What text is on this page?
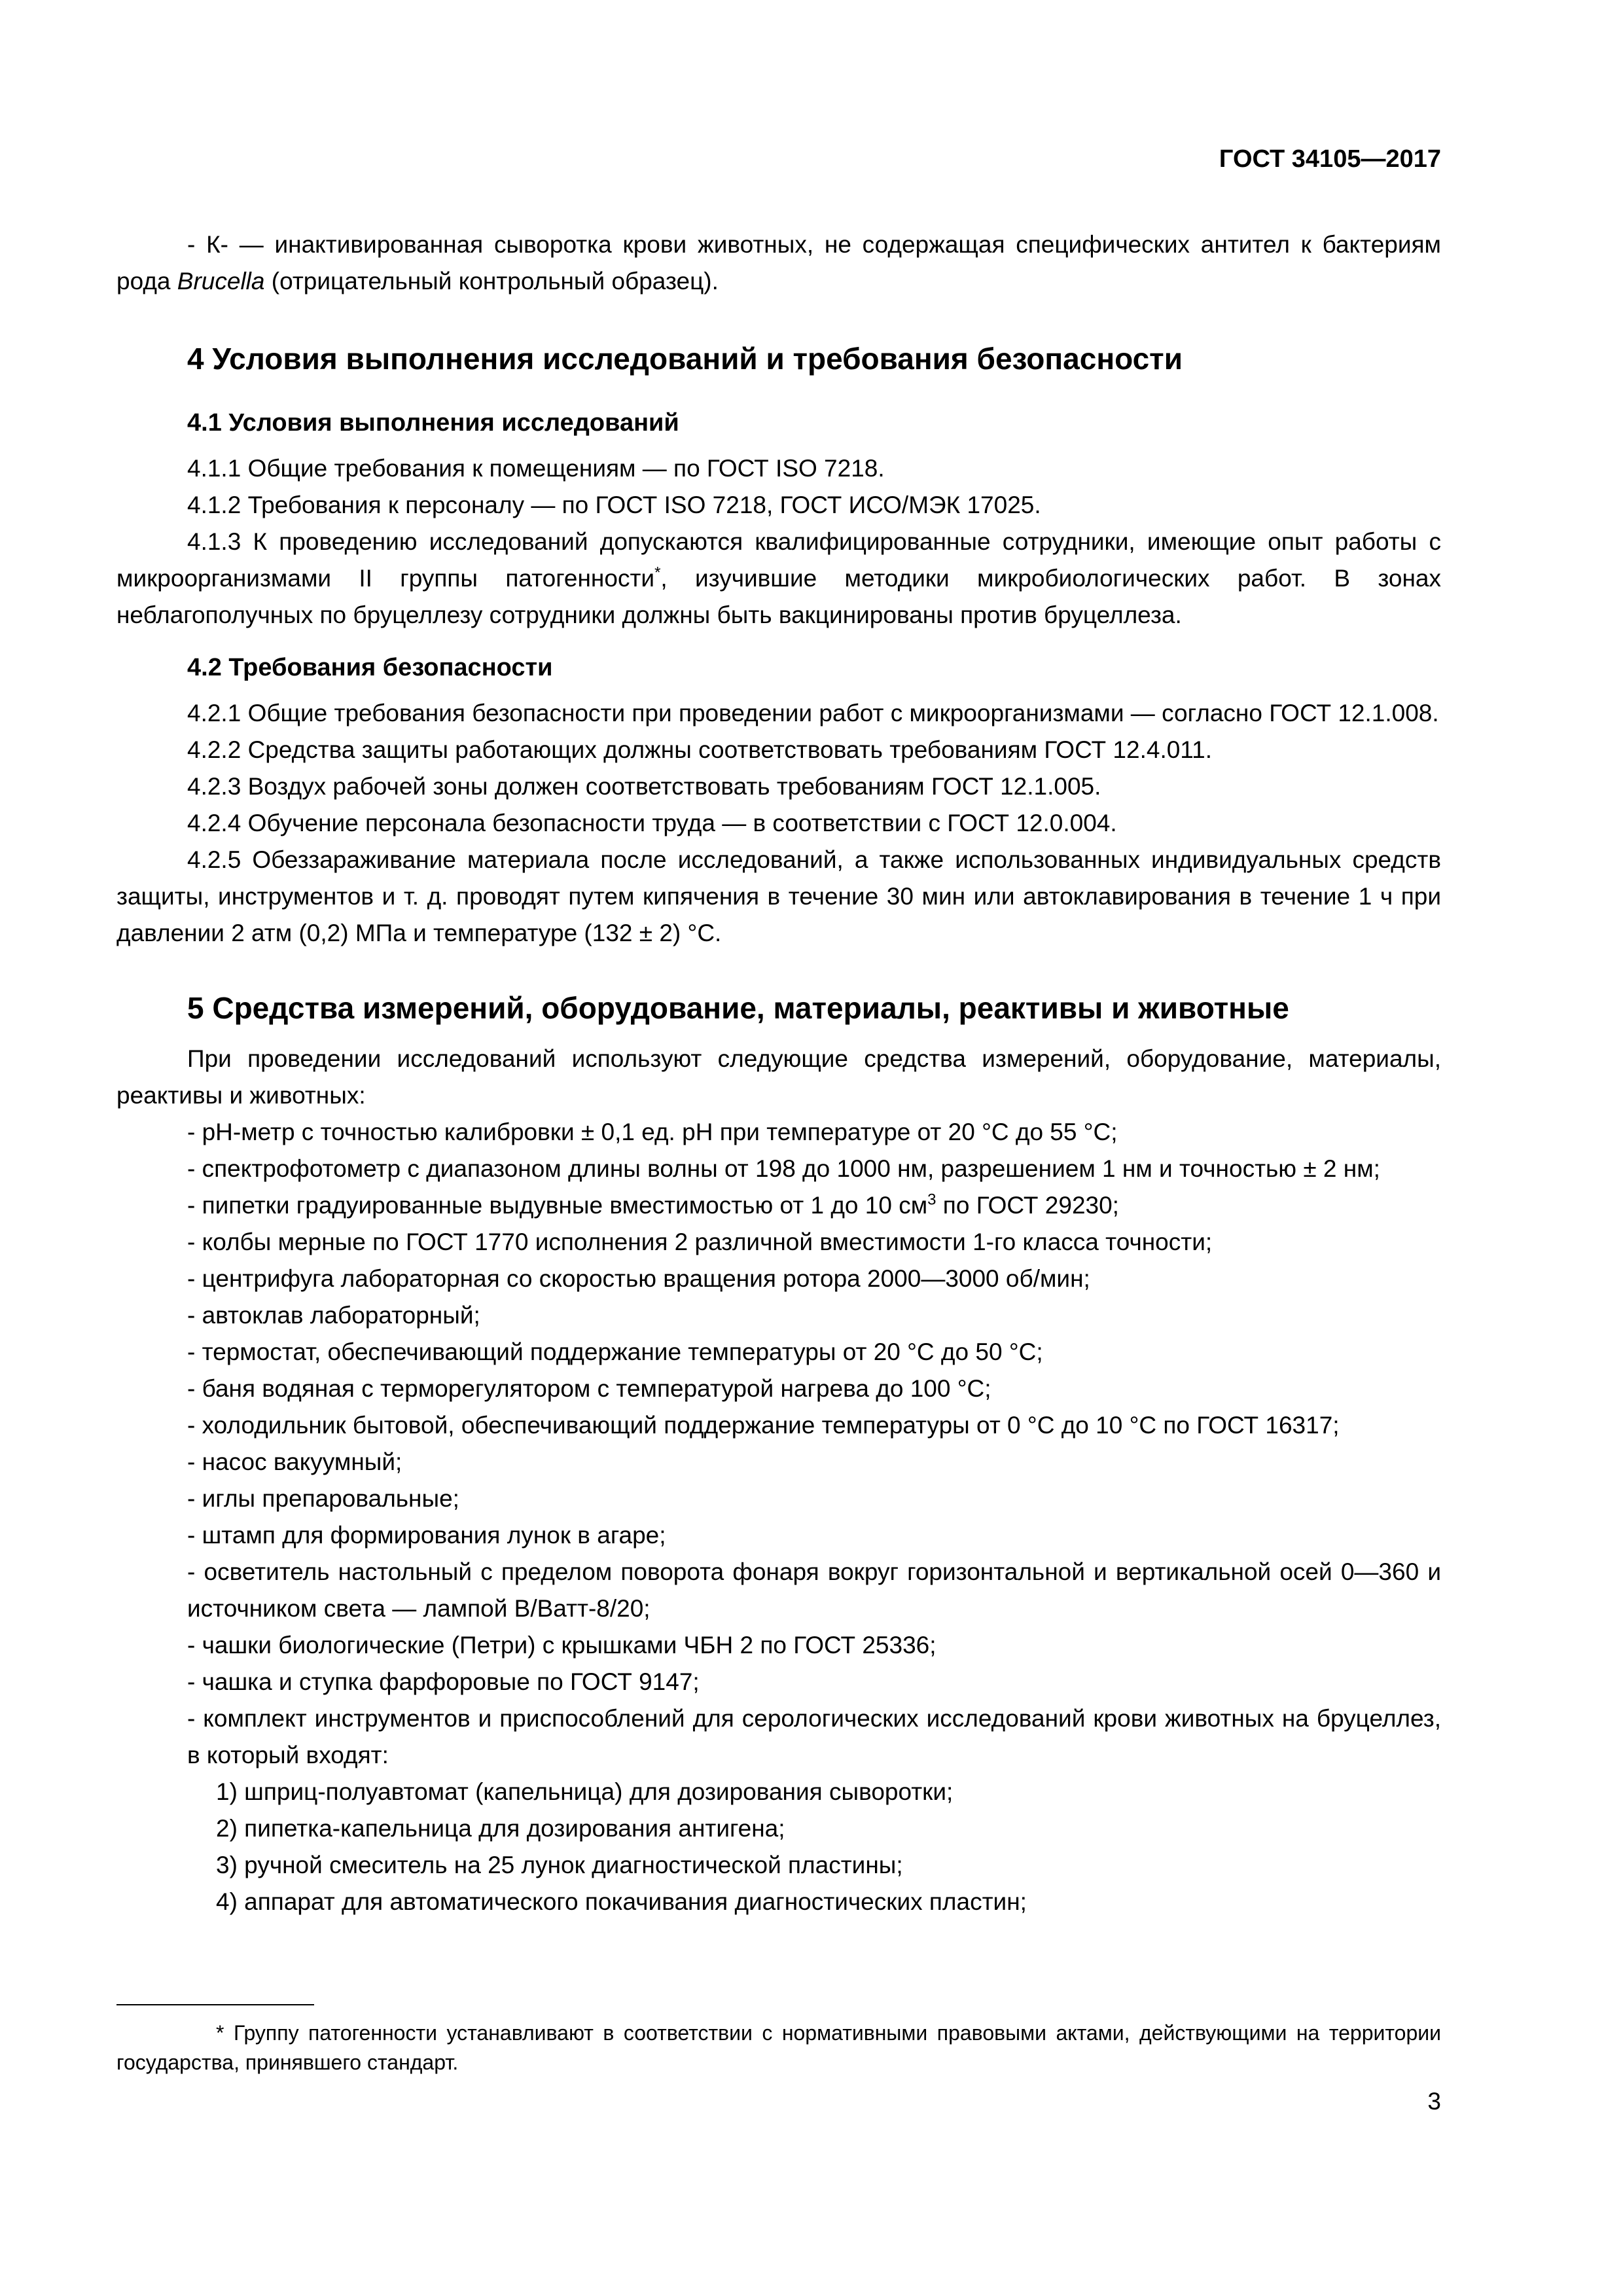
ГОСТ 34105—2017

- К- — инактивированная сыворотка крови животных, не содержащая специфических антител к бактериям рода Brucella (отрицательный контрольный образец).

4 Условия выполнения исследований и требования безопасности

4.1 Условия выполнения исследований

4.1.1 Общие требования к помещениям — по ГОСТ ISO 7218.

4.1.2 Требования к персоналу — по ГОСТ ISO 7218, ГОСТ ИСО/МЭК 17025.

4.1.3 К проведению исследований допускаются квалифицированные сотрудники, имеющие опыт работы с микроорганизмами II группы патогенности*, изучившие методики микробиологических работ. В зонах неблагополучных по бруцеллезу сотрудники должны быть вакцинированы против бруцеллеза.

4.2 Требования безопасности

4.2.1 Общие требования безопасности при проведении работ с микроорганизмами — согласно ГОСТ 12.1.008.

4.2.2 Средства защиты работающих должны соответствовать требованиям ГОСТ 12.4.011.

4.2.3 Воздух рабочей зоны должен соответствовать требованиям ГОСТ 12.1.005.

4.2.4 Обучение персонала безопасности труда — в соответствии с ГОСТ 12.0.004.

4.2.5 Обеззараживание материала после исследований, а также использованных индивидуальных средств защиты, инструментов и т. д. проводят путем кипячения в течение 30 мин или автоклавирования в течение 1 ч при давлении 2 атм (0,2) МПа и температуре (132 ± 2) °С.

5 Средства измерений, оборудование, материалы, реактивы и животные

При проведении исследований используют следующие средства измерений, оборудование, материалы, реактивы и животных:

- pH-метр с точностью калибровки ± 0,1 ед. pH при температуре от 20 °С до 55 °С;

- спектрофотометр с диапазоном длины волны от 198 до 1000 нм, разрешением 1 нм и точностью ± 2 нм;

- пипетки градуированные выдувные вместимостью от 1 до 10 $см^3$ по ГОСТ 29230;

- колбы мерные по ГОСТ 1770 исполнения 2 различной вместимости 1-го класса точности;

- центрифуга лабораторная со скоростью вращения ротора 2000—3000 об/мин;

- автоклав лабораторный;

- термостат, обеспечивающий поддержание температуры от 20 °С до 50 °С;

- баня водяная с терморегулятором с температурой нагрева до 100 °С;

- холодильник бытовой, обеспечивающий поддержание температуры от 0 °С до 10 °С по ГОСТ 16317;

- насос вакуумный;

- иглы препаровальные;

- штамп для формирования лунок в агаре;

- осветитель настольный с пределом поворота фонаря вокруг горизонтальной и вертикальной осей 0—360 и источником света — лампой В/Ватт-8/20;

- чашки биологические (Петри) с крышками ЧБН 2 по ГОСТ 25336;

- чашка и ступка фарфоровые по ГОСТ 9147;

- комплект инструментов и приспособлений для серологических исследований крови животных на бруцеллез, в который входят:

1) шприц-полуавтомат (капельница) для дозирования сыворотки;

2) пипетка-капельница для дозирования антигена;

3) ручной смеситель на 25 лунок диагностической пластины;

4) аппарат для автоматического покачивания диагностических пластин;

* Группу патогенности устанавливают в соответствии с нормативными правовыми актами, действующими на территории государства, принявшего стандарт.
3
